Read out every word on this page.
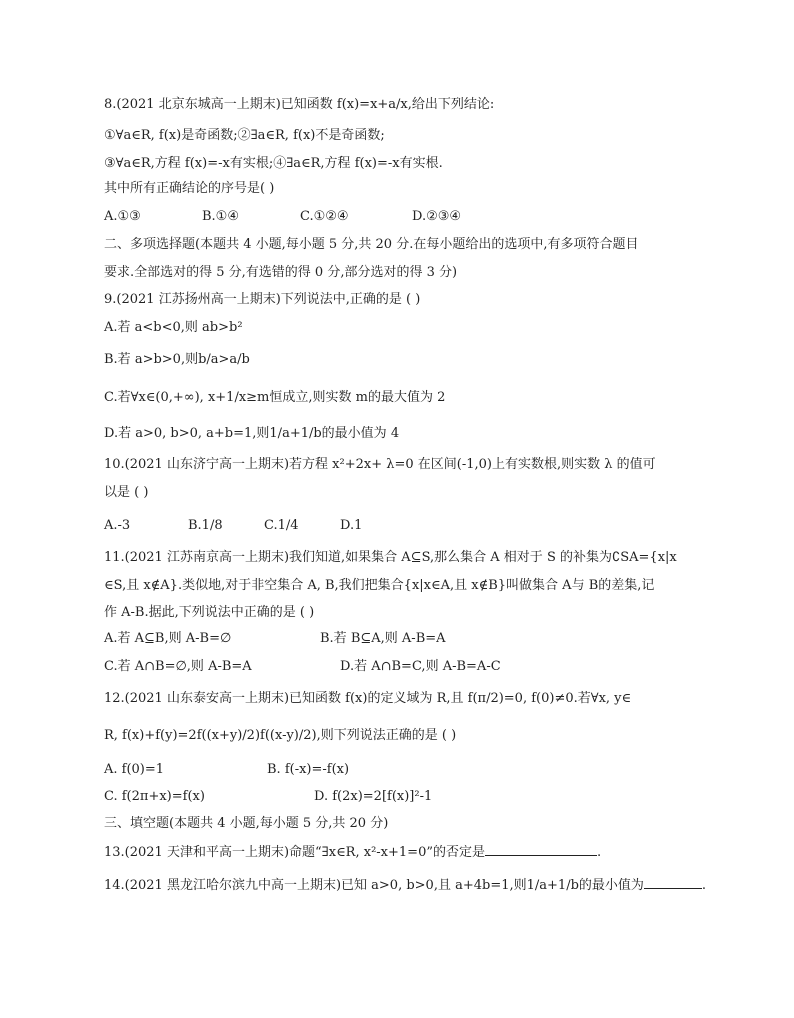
8.(2021 北京东城高一上期末)已知函数 f(x)=x+a/x,给出下列结论:
①∀a∈R, f(x)是奇函数;②∃a∈R, f(x)不是奇函数;
③∀a∈R,方程 f(x)=-x有实根;④∃a∈R,方程 f(x)=-x有实根.
其中所有正确结论的序号是( )
A.①③	B.①④	C.①②④	D.②③④
二、多项选择题(本题共 4 小题,每小题 5 分,共 20 分.在每小题给出的选项中,有多项符合题目
要求.全部选对的得 5 分,有选错的得 0 分,部分选对的得 3 分)
9.(2021 江苏扬州高一上期末)下列说法中,正确的是 ( )
A.若 a<b<0,则 ab>b²
B.若 a>b>0,则b/a>a/b
C.若∀x∈(0,+∞), x+1/x≥m恒成立,则实数 m的最大值为 2
D.若 a>0, b>0, a+b=1,则1/a+1/b的最小值为 4
10.(2021 山东济宁高一上期末)若方程 x²+2x+ λ=0 在区间(-1,0)上有实数根,则实数 λ 的值可
以是 ( )
A.-3	B.1/8	C.1/4	D.1
11.(2021 江苏南京高一上期末)我们知道,如果集合 A⊆S,那么集合 A 相对于 S 的补集为∁SA={x|x
∈S,且 x∉A}.类似地,对于非空集合 A, B,我们把集合{x|x∈A,且 x∉B}叫做集合 A与 B的差集,记
作 A-B.据此,下列说法中正确的是 ( )
A.若 A⊆B,则 A-B=∅	B.若 B⊆A,则 A-B=A
C.若 A∩B=∅,则 A-B=A	D.若 A∩B=C,则 A-B=A-C
12.(2021 山东泰安高一上期末)已知函数 f(x)的定义域为 R,且 f(π/2)=0, f(0)≠0.若∀x, y∈
R, f(x)+f(y)=2f((x+y)/2)f((x-y)/2),则下列说法正确的是 ( )
A. f(0)=1	B. f(-x)=-f(x)
C. f(2π+x)=f(x)	D. f(2x)=2[f(x)]²-1
三、填空题(本题共 4 小题,每小题 5 分,共 20 分)
13.(2021 天津和平高一上期末)命题“∃x∈R, x²-x+1=0”的否定是	.
14.(2021 黑龙江哈尔滨九中高一上期末)已知 a>0, b>0,且 a+4b=1,则1/a+1/b的最小值为	.
